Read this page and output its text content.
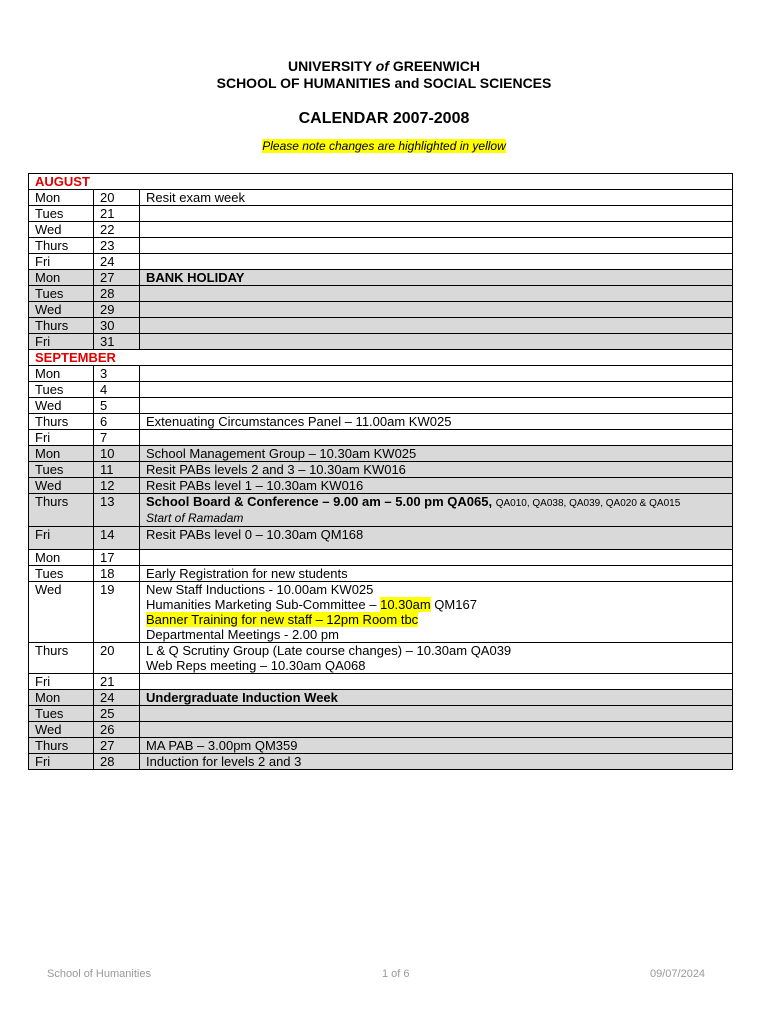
UNIVERSITY of GREENWICH
SCHOOL OF HUMANITIES and SOCIAL SCIENCES
CALENDAR 2007-2008
Please note changes are highlighted in yellow
AUGUST		
Mon	20	Resit exam week
Tues	21	
Wed	22	
Thurs	23	
Fri	24	
Mon	27	BANK HOLIDAY
Tues	28	
Wed	29	
Thurs	30	
Fri	31	
SEPTEMBER		
Mon	3	
Tues	4	
Wed	5	
Thurs	6	Extenuating Circumstances Panel – 11.00am KW025
Fri	7	
Mon	10	School Management Group – 10.30am KW025
Tues	11	Resit PABs levels 2 and 3 – 10.30am KW016
Wed	12	Resit PABs level 1 – 10.30am KW016
Thurs	13	School Board & Conference – 9.00 am – 5.00 pm QA065, QA010, QA038, QA039, QA020 & QA015
Start of Ramadam

Fri	14	Resit PABs level 0 – 10.30am QM168
Mon	17	
Tues	18	Early Registration for new students
Wed	19	New Staff Inductions - 10.00am KW025
Humanities Marketing Sub-Committee – 10.30am QM167
Banner Training for new staff – 12pm Room tbc
Departmental Meetings - 2.00 pm

Thurs	20	L & Q Scrutiny Group (Late course changes) – 10.30am QA039
Web Reps meeting – 10.30am QA068

Fri	21	
Mon	24	Undergraduate Induction Week
Tues	25	
Wed	26	
Thurs	27	MA PAB – 3.00pm QM359
Fri	28	Induction for levels 2 and 3
School of Humanities	1 of 6	09/07/2024
